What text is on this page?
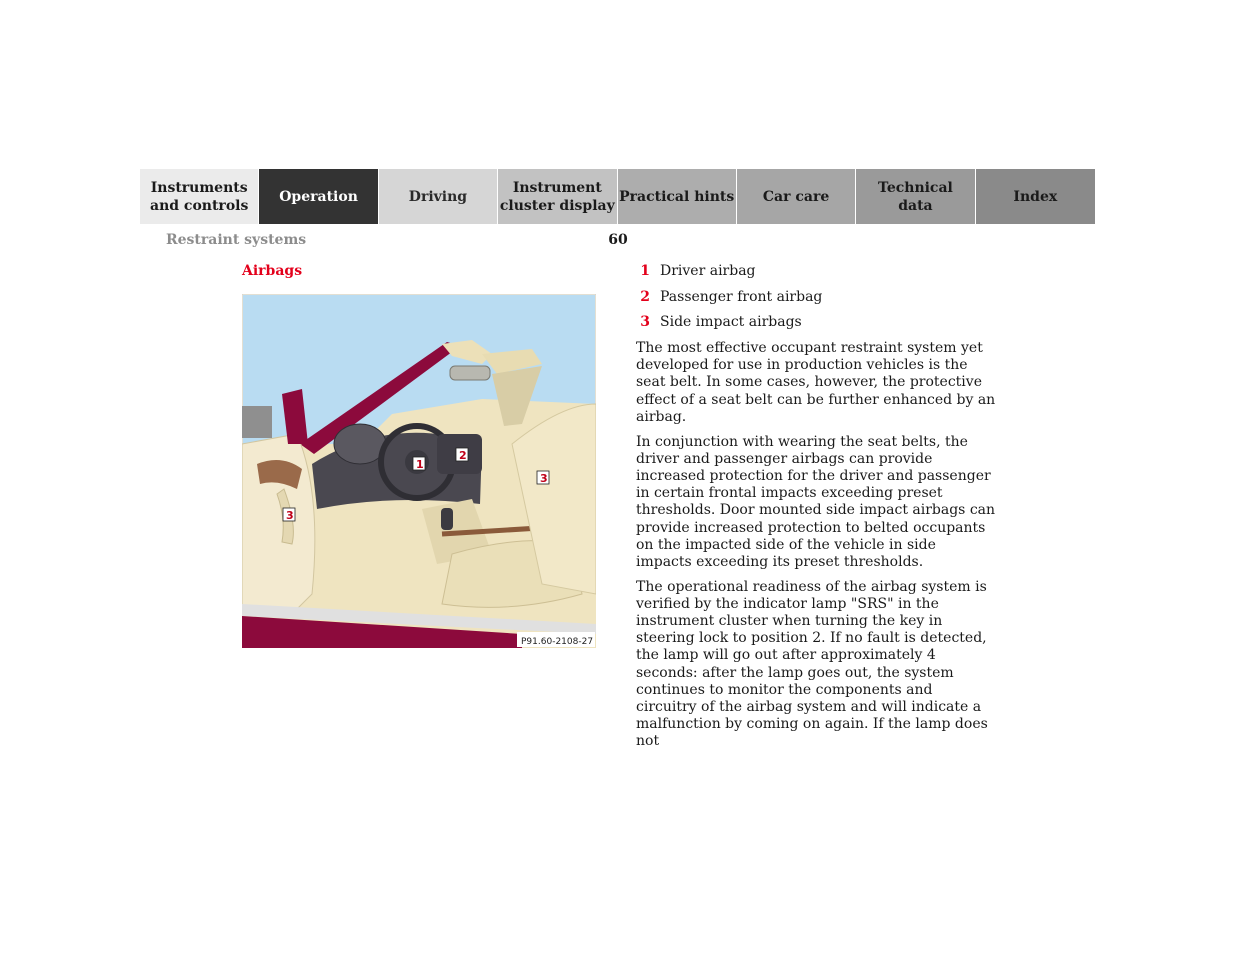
Instruments
and controls
Operation	Driving
Instrument
cluster display
Practical hints Car care
Technical
data
Index
Restraint systems	60
Airbags
P91.60-2108-27
1
2
3
3
1 Driver airbag
2 Passenger front airbag
3 Side impact airbags

The most effective occupant restraint system yet developed for use in production vehicles is the seat belt. In some cases, however, the protective effect of a seat belt can be further enhanced by an airbag.

In conjunction with wearing the seat belts, the driver and passenger airbags can provide increased protection for the driver and passenger in certain frontal impacts exceeding preset thresholds. Door mounted side impact airbags can provide increased protection to belted occupants on the impacted side of the vehicle in side impacts exceeding its preset thresholds.

The operational readiness of the airbag system is verified by the indicator lamp "SRS" in the instrument cluster when turning the key in steering lock to position 2. If no fault is detected, the lamp will go out after approximately 4 seconds: after the lamp goes out, the system continues to monitor the components and circuitry of the airbag system and will indicate a malfunction by coming on again. If the lamp does not
